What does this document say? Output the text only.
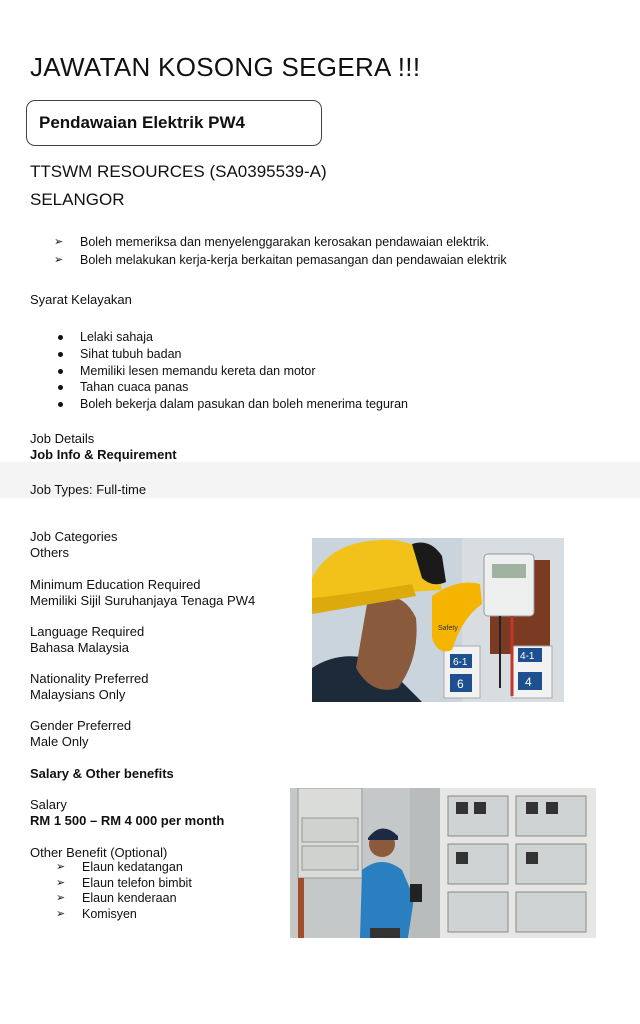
JAWATAN KOSONG SEGERA !!!
Pendawaian Elektrik PW4
TTSWM RESOURCES (SA0395539-A)
SELANGOR
➢ Boleh memeriksa dan menyelenggarakan kerosakan pendawaian elektrik.
➢ Boleh melakukan kerja-kerja berkaitan pemasangan dan pendawaian elektrik
Syarat Kelayakan
Lelaki sahaja
Sihat tubuh badan
Memiliki lesen memandu kereta dan motor
Tahan cuaca panas
Boleh bekerja dalam pasukan dan boleh menerima teguran
Job Details
Job Info & Requirement
Job Types: Full-time
Job Categories
Others
Minimum Education Required
Memiliki Sijil Suruhanjaya Tenaga PW4
Language Required
Bahasa Malaysia
Nationality Preferred
Malaysians Only
Gender Preferred
Male Only
Salary & Other benefits
Salary
RM 1 500 – RM 4 000 per month
Other Benefit (Optional)
➢ Elaun kedatangan
➢ Elaun telefon bimbit
➢ Elaun kenderaan
➢ Komisyen
6-1
4-1
6	4
Safety
